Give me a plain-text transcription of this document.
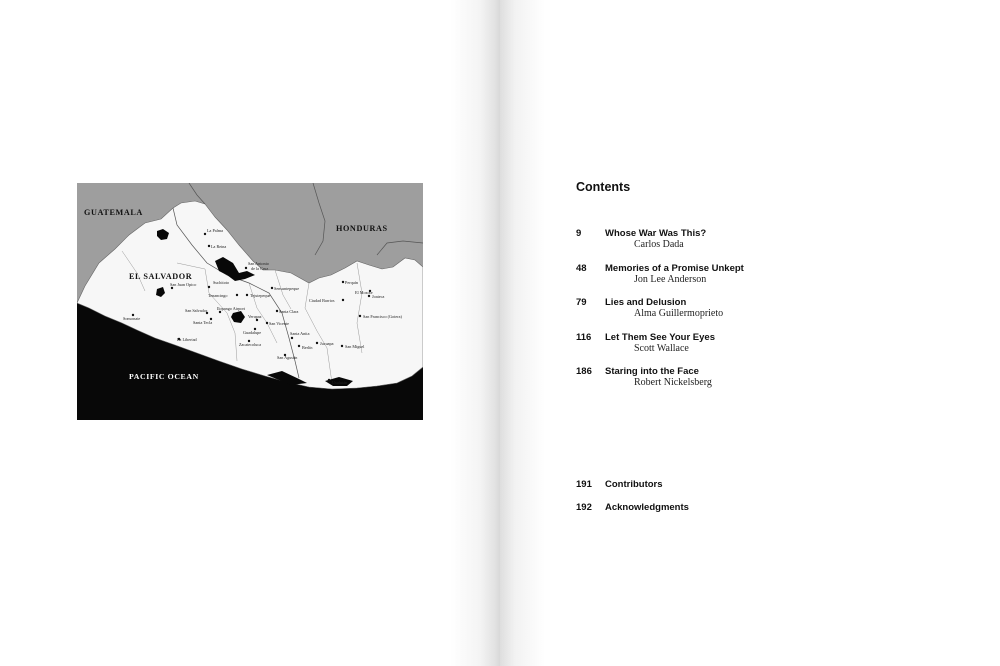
GUATEMALA
HONDURAS
EL SALVADOR
PACIFIC OCEAN
La Palma
La Reina
San Antonio
de la Cruz
San Juan Opico	Perquín
El Mozote
Joateca
Sensuntepeque
Ciudad Barrios
Suchitoto
Tenancingo	Tejutepeque
Sonsonate
San Salvador
Santa Tecla
Ilopango Airport
Verapaz
San Vicente
Santa Clara
Guadalupe
Zacatecoluca
La Libertad
San Francisco (Gotera)
Santa Anita
Jucuapa
Berlín	San Miguel
San Agustín
Usulután
Contents
9 Whose War Was This?
Carlos Dada
48 Memories of a Promise Unkept
Jon Lee Anderson
79 Lies and Delusion
Alma Guillermoprieto
116 Let Them See Your Eyes
Scott Wallace
186 Staring into the Face
Robert Nickelsberg
191 Contributors
192 Acknowledgments
